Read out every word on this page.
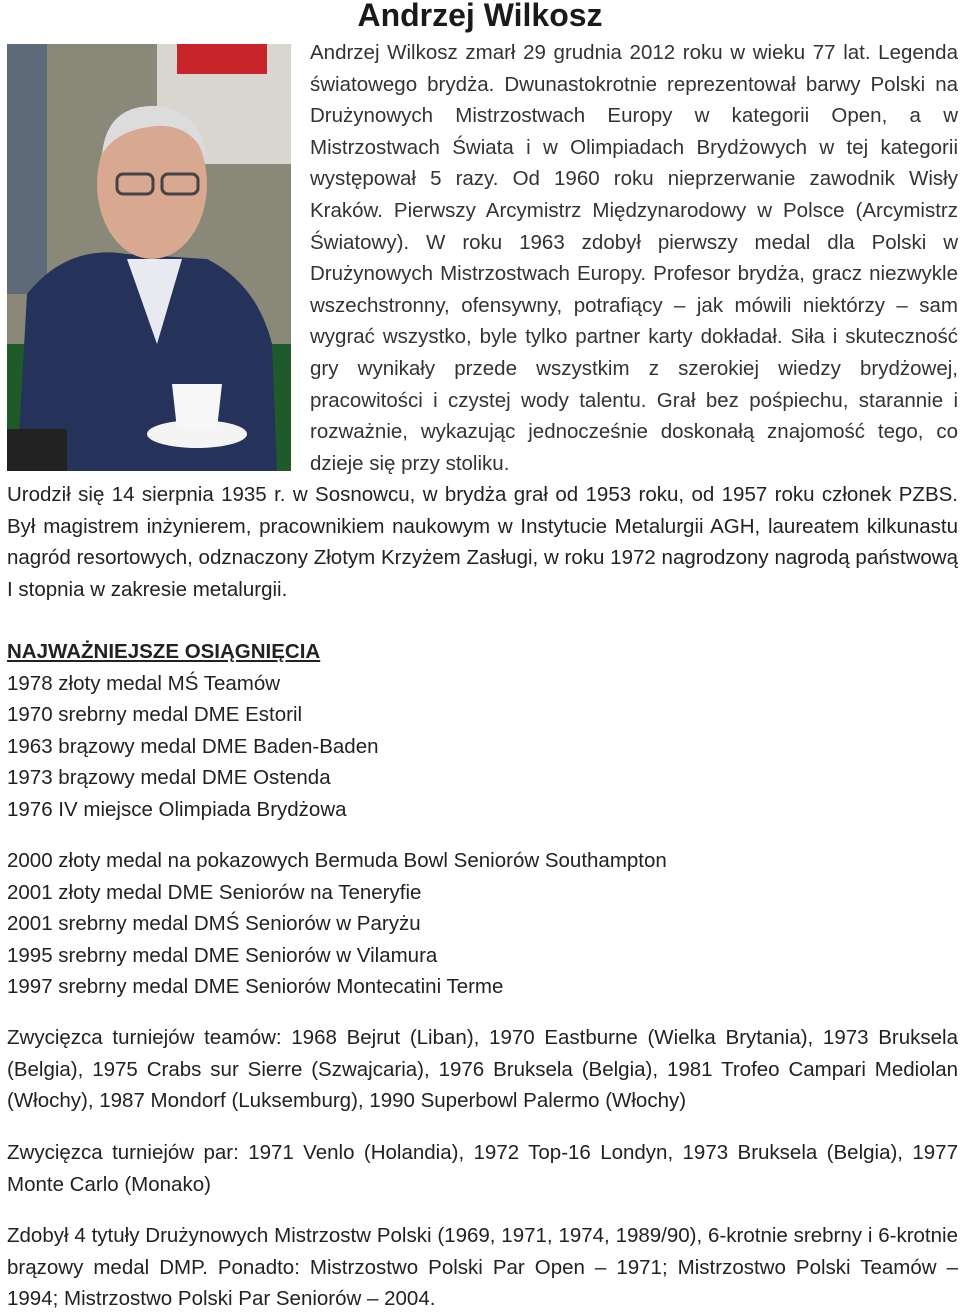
Andrzej Wilkosz

Andrzej Wilkosz zmarł 29 grudnia 2012 roku w wieku 77 lat. Legenda światowego brydża. Dwunastokrotnie reprezentował barwy Polski na Drużynowych Mistrzostwach Europy w kategorii Open, a w Mistrzostwach Świata i w Olimpiadach Brydżowych w tej kategorii występował 5 razy. Od 1960 roku nieprzerwanie zawodnik Wisły Kraków. Pierwszy Arcymistrz Międzynarodowy w Polsce (Arcymistrz Światowy). W roku 1963 zdobył pierwszy medal dla Polski w Drużynowych Mistrzostwach Europy. Profesor brydża, gracz niezwykle wszechstronny, ofensywny, potrafiący – jak mówili niektórzy – sam wygrać wszystko, byle tylko partner karty dokładał. Siła i skuteczność gry wynikały przede wszystkim z szerokiej wiedzy brydżowej, pracowitości i czystej wody talentu. Grał bez pośpiechu, starannie i rozważnie, wykazując jednocześnie doskonałą znajomość tego, co dzieje się przy stoliku.

Urodził się 14 sierpnia 1935 r. w Sosnowcu, w brydża grał od 1953 roku, od 1957 roku członek PZBS. Był magistrem inżynierem, pracownikiem naukowym w Instytucie Metalurgii AGH, laureatem kilkunastu nagród resortowych, odznaczony Złotym Krzyżem Zasługi, w roku 1972 nagrodzony nagrodą państwową I stopnia w zakresie metalurgii.

NAJWAŻNIEJSZE OSIĄGNIĘCIA
1978 złoty medal MŚ Teamów
1970 srebrny medal DME Estoril
1963 brązowy medal DME Baden-Baden
1973 brązowy medal DME Ostenda
1976 IV miejsce Olimpiada Brydżowa
2000 złoty medal na pokazowych Bermuda Bowl Seniorów Southampton
2001 złoty medal DME Seniorów na Teneryfie
2001 srebrny medal DMŚ Seniorów w Paryżu
1995 srebrny medal DME Seniorów w Vilamura
1997 srebrny medal DME Seniorów Montecatini Terme

Zwycięzca turniejów teamów: 1968 Bejrut (Liban), 1970 Eastburne (Wielka Brytania), 1973 Bruksela (Belgia), 1975 Crabs sur Sierre (Szwajcaria), 1976 Bruksela (Belgia), 1981 Trofeo Campari Mediolan (Włochy), 1987 Mondorf (Luksemburg), 1990 Superbowl Palermo (Włochy)

Zwycięzca turniejów par: 1971 Venlo (Holandia), 1972 Top-16 Londyn, 1973 Bruksela (Belgia), 1977 Monte Carlo (Monako)

Zdobył 4 tytuły Drużynowych Mistrzostw Polski (1969, 1971, 1974, 1989/90), 6-krotnie srebrny i 6-krotnie brązowy medal DMP. Ponadto: Mistrzostwo Polski Par Open – 1971; Mistrzostwo Polski Teamów – 1994; Mistrzostwo Polski Par Seniorów – 2004.
